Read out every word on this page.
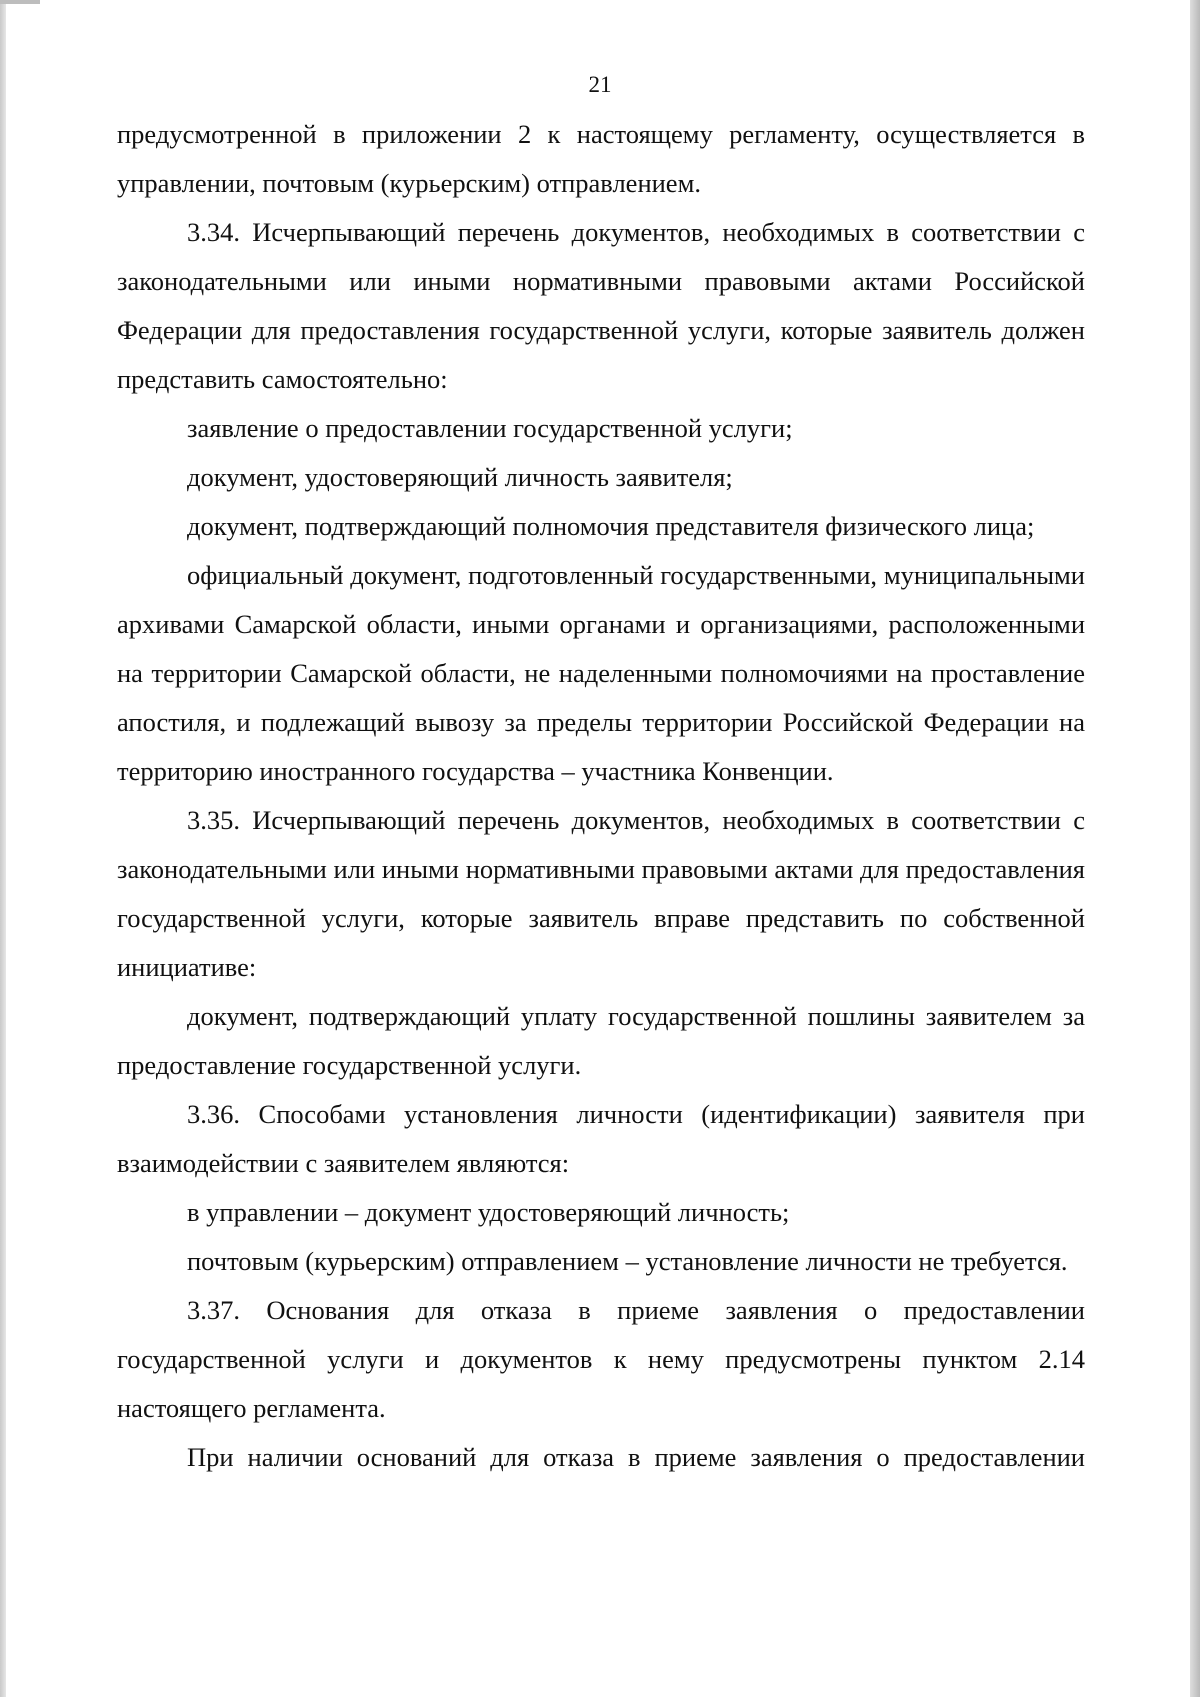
21

предусмотренной в приложении 2 к настоящему регламенту, осуществляется в управлении, почтовым (курьерским) отправлением.

3.34. Исчерпывающий перечень документов, необходимых в соответствии с законодательными или иными нормативными правовыми актами Российской Федерации для предоставления государственной услуги, которые заявитель должен представить самостоятельно:

заявление о предоставлении государственной услуги;

документ, удостоверяющий личность заявителя;

документ, подтверждающий полномочия представителя физического лица;

официальный документ, подготовленный государственными, муниципальными архивами Самарской области, иными органами и организациями, расположенными на территории Самарской области, не наделенными полномочиями на проставление апостиля, и подлежащий вывозу за пределы территории Российской Федерации на территорию иностранного государства – участника Конвенции.

3.35. Исчерпывающий перечень документов, необходимых в соответствии с законодательными или иными нормативными правовыми актами для предоставления государственной услуги, которые заявитель вправе представить по собственной инициативе:

документ, подтверждающий уплату государственной пошлины заявителем за предоставление государственной услуги.

3.36. Способами установления личности (идентификации) заявителя при взаимодействии с заявителем являются:

в управлении – документ удостоверяющий личность;

почтовым (курьерским) отправлением – установление личности не требуется.

3.37. Основания для отказа в приеме заявления о предоставлении государственной услуги и документов к нему предусмотрены пунктом 2.14 настоящего регламента.

При наличии оснований для отказа в приеме заявления о предоставлении
